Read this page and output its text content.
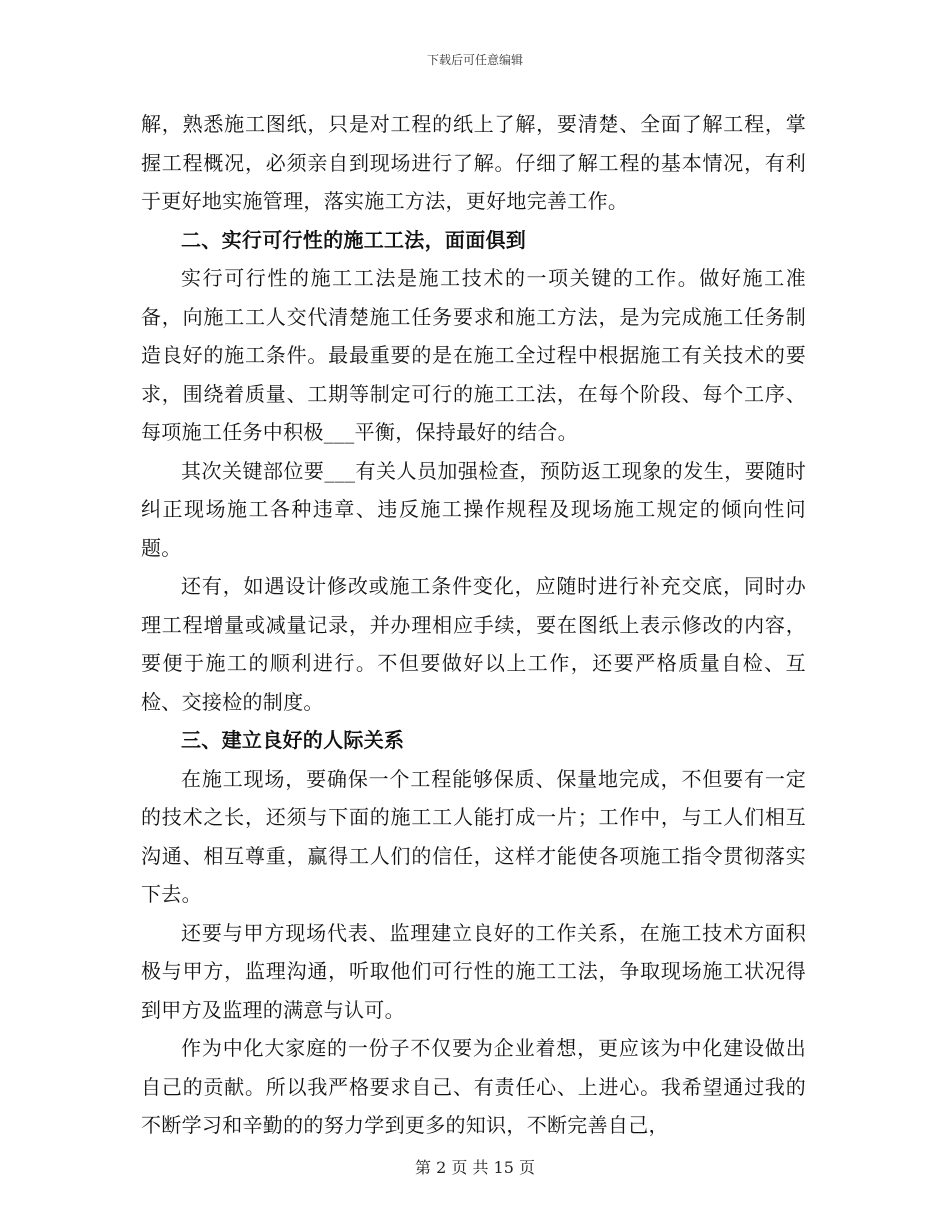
下载后可任意编辑

解，熟悉施工图纸，只是对工程的纸上了解，要清楚、全面了解工程，掌握工程概况，必须亲自到现场进行了解。仔细了解工程的基本情况，有利于更好地实施管理，落实施工方法，更好地完善工作。

二、实行可行性的施工工法，面面俱到

实行可行性的施工工法是施工技术的一项关键的工作。做好施工准备，向施工工人交代清楚施工任务要求和施工方法，是为完成施工任务制造良好的施工条件。最最重要的是在施工全过程中根据施工有关技术的要求，围绕着质量、工期等制定可行的施工工法，在每个阶段、每个工序、每项施工任务中积极___平衡，保持最好的结合。

其次关键部位要___有关人员加强检查，预防返工现象的发生，要随时纠正现场施工各种违章、违反施工操作规程及现场施工规定的倾向性问题。

还有，如遇设计修改或施工条件变化，应随时进行补充交底，同时办理工程增量或减量记录，并办理相应手续，要在图纸上表示修改的内容，要便于施工的顺利进行。不但要做好以上工作，还要严格质量自检、互检、交接检的制度。

三、建立良好的人际关系

在施工现场，要确保一个工程能够保质、保量地完成，不但要有一定的技术之长，还须与下面的施工工人能打成一片；工作中，与工人们相互沟通、相互尊重，赢得工人们的信任，这样才能使各项施工指令贯彻落实下去。

还要与甲方现场代表、监理建立良好的工作关系，在施工技术方面积极与甲方，监理沟通，听取他们可行性的施工工法，争取现场施工状况得到甲方及监理的满意与认可。

作为中化大家庭的一份子不仅要为企业着想，更应该为中化建设做出自己的贡献。所以我严格要求自己、有责任心、上进心。我希望通过我的不断学习和辛勤的的努力学到更多的知识，不断完善自己，

第 2 页 共 15 页
